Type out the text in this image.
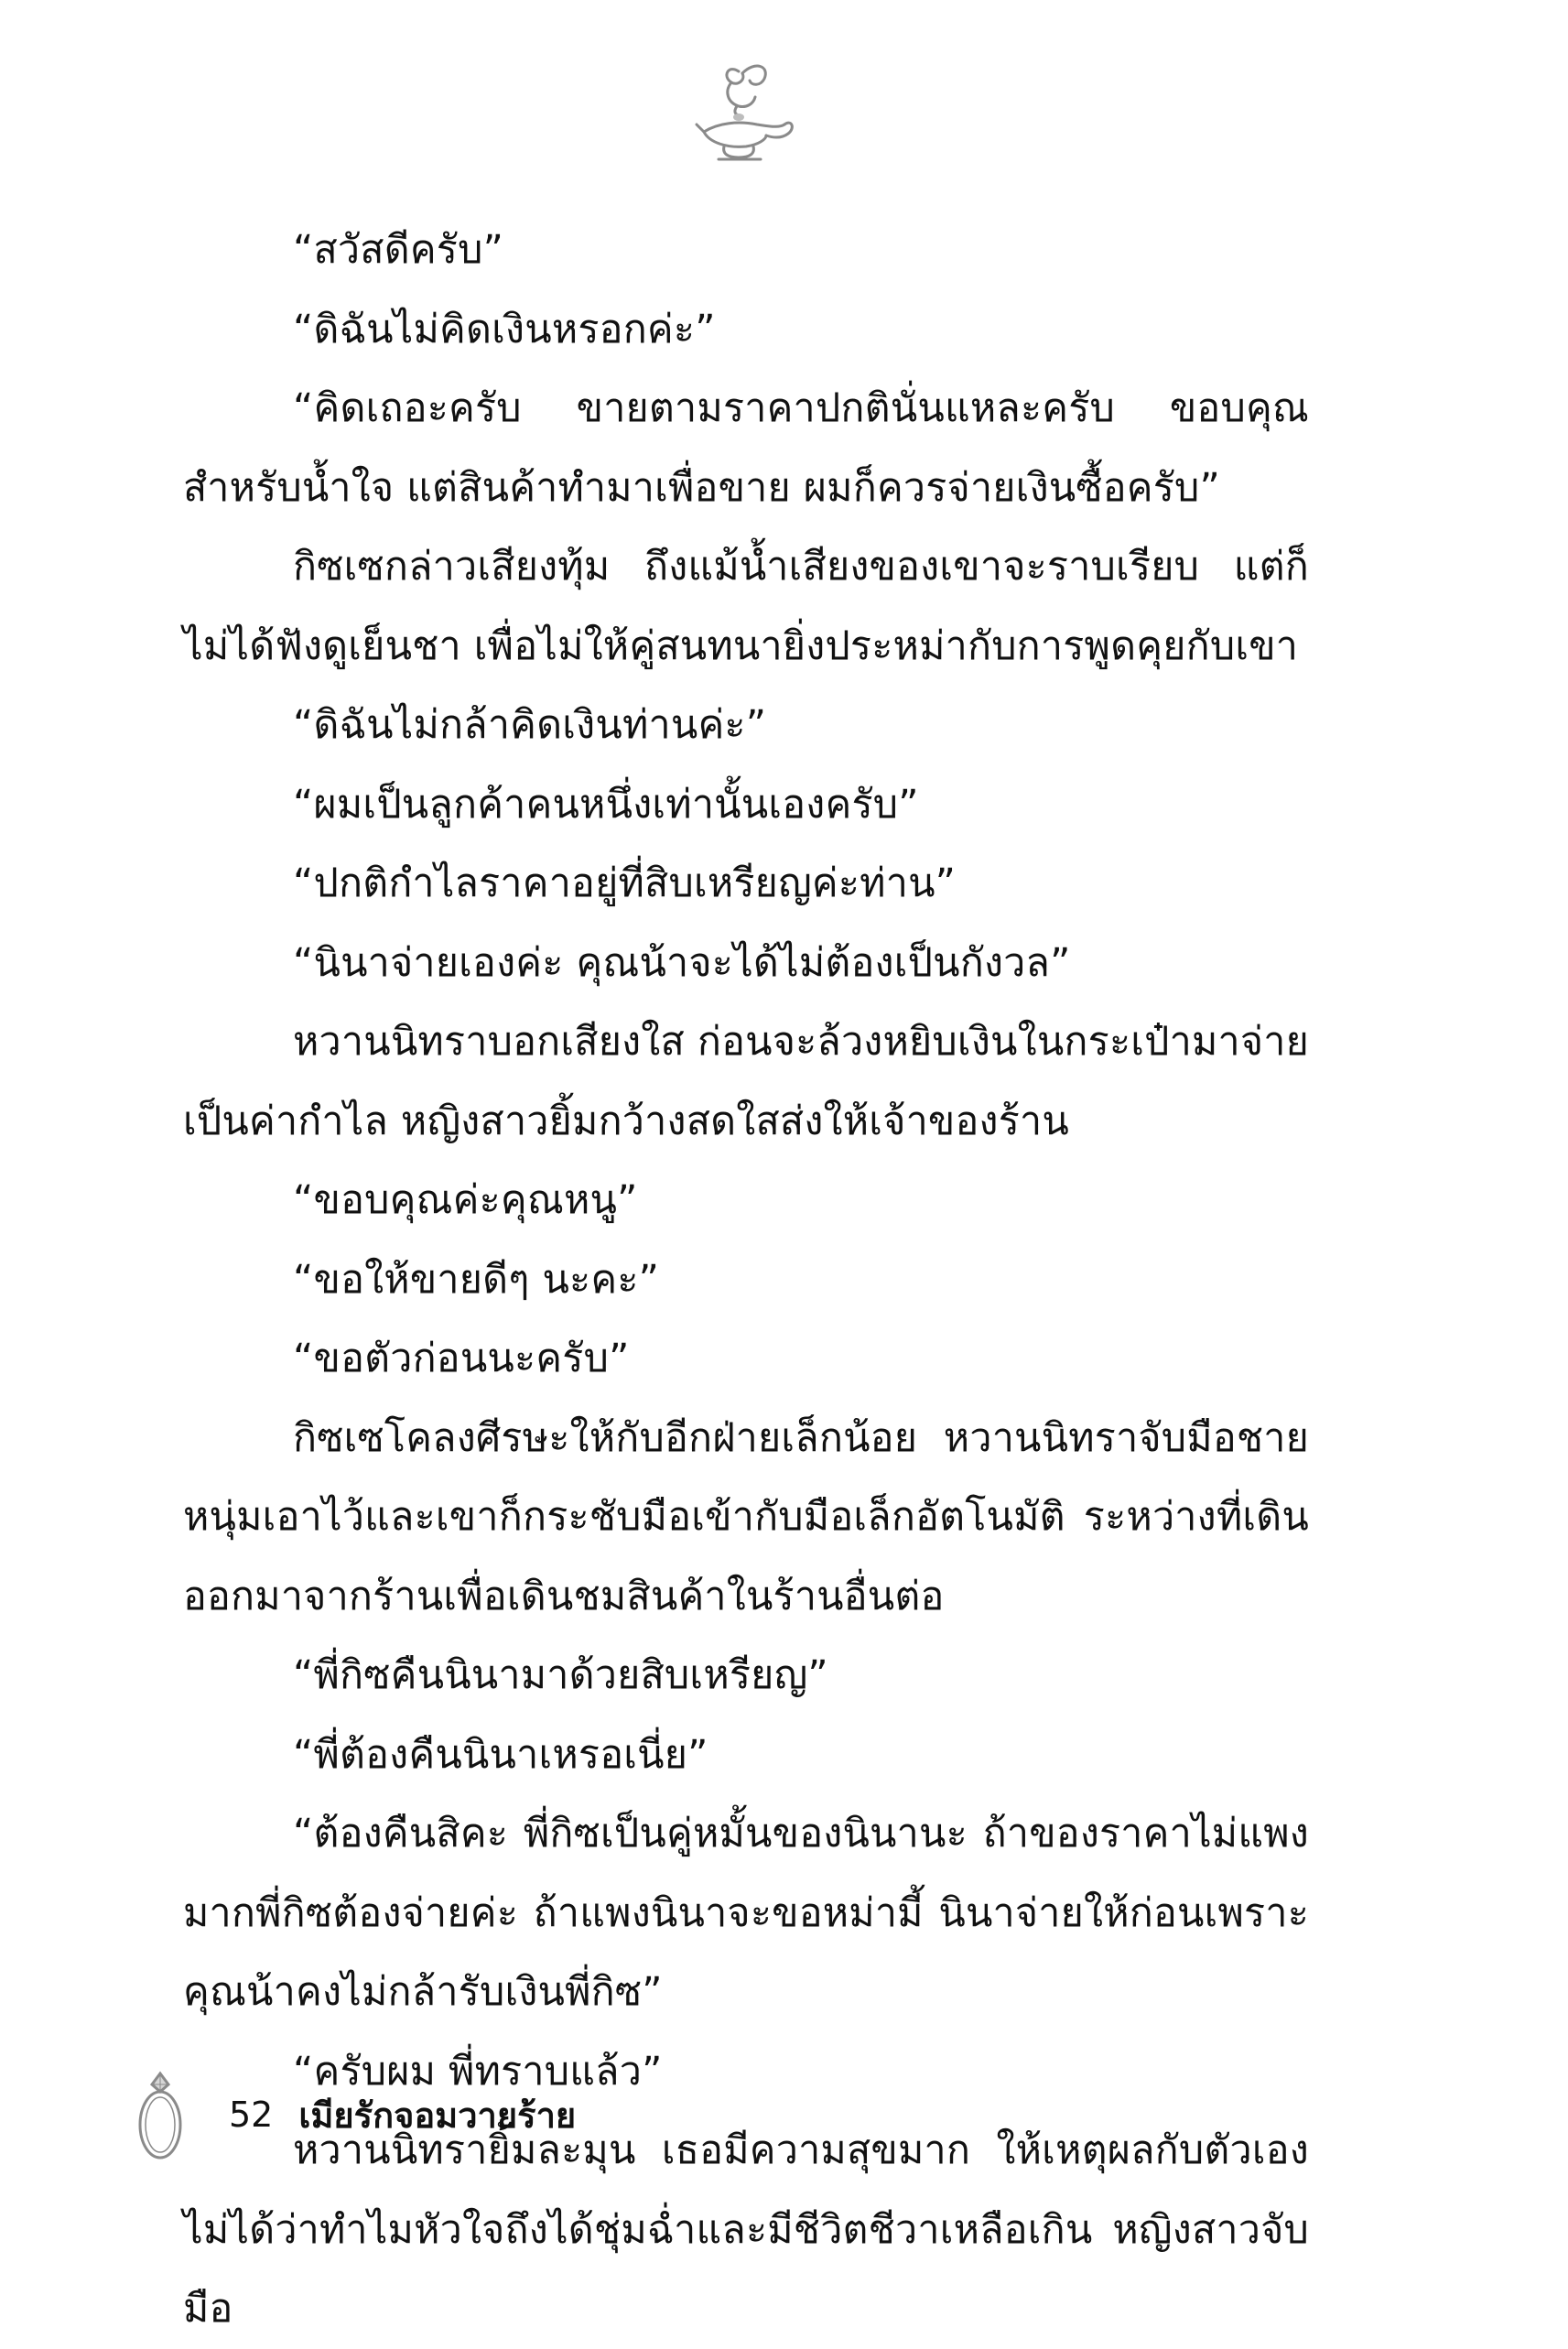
“สวัสดีครับ”

“ดิฉันไม่คิดเงินหรอกค่ะ”

“คิดเถอะครับ ขายตามราคาปกตินั่นแหละครับ ขอบคุณสำหรับน้ำใจ แต่สินค้าทำมาเพื่อขาย ผมก็ควรจ่ายเงินซื้อครับ”

กิซเซกล่าวเสียงทุ้ม ถึงแม้น้ำเสียงของเขาจะราบเรียบ แต่ก็ไม่ได้ฟังดูเย็นชา เพื่อไม่ให้คู่สนทนายิ่งประหม่ากับการพูดคุยกับเขา

“ดิฉันไม่กล้าคิดเงินท่านค่ะ”

“ผมเป็นลูกค้าคนหนึ่งเท่านั้นเองครับ”

“ปกติกำไลราคาอยู่ที่สิบเหรียญค่ะท่าน”

“นินาจ่ายเองค่ะ คุณน้าจะได้ไม่ต้องเป็นกังวล”

หวานนิทราบอกเสียงใส ก่อนจะล้วงหยิบเงินในกระเป๋ามาจ่ายเป็นค่ากำไล หญิงสาวยิ้มกว้างสดใสส่งให้เจ้าของร้าน

“ขอบคุณค่ะคุณหนู”

“ขอให้ขายดีๆ นะคะ”

“ขอตัวก่อนนะครับ”

กิซเซโคลงศีรษะให้กับอีกฝ่ายเล็กน้อย หวานนิทราจับมือชายหนุ่มเอาไว้และเขาก็กระชับมือเข้ากับมือเล็กอัตโนมัติ ระหว่างที่เดินออกมาจากร้านเพื่อเดินชมสินค้าในร้านอื่นต่อ

“พี่กิซคืนนินามาด้วยสิบเหรียญ”

“พี่ต้องคืนนินาเหรอเนี่ย”

“ต้องคืนสิคะ พี่กิซเป็นคู่หมั้นของนินานะ ถ้าของราคาไม่แพงมากพี่กิซต้องจ่ายค่ะ ถ้าแพงนินาจะขอหม่ามี้ นินาจ่ายให้ก่อนเพราะคุณน้าคงไม่กล้ารับเงินพี่กิซ”

“ครับผม พี่ทราบแล้ว”

หวานนิทรายิ้มละมุน เธอมีความสุขมาก ให้เหตุผลกับตัวเองไม่ได้ว่าทำไมหัวใจถึงได้ชุ่มฉ่ำและมีชีวิตชีวาเหลือเกิน หญิงสาวจับมือ

52 เมียรักจอมวายร้าย
